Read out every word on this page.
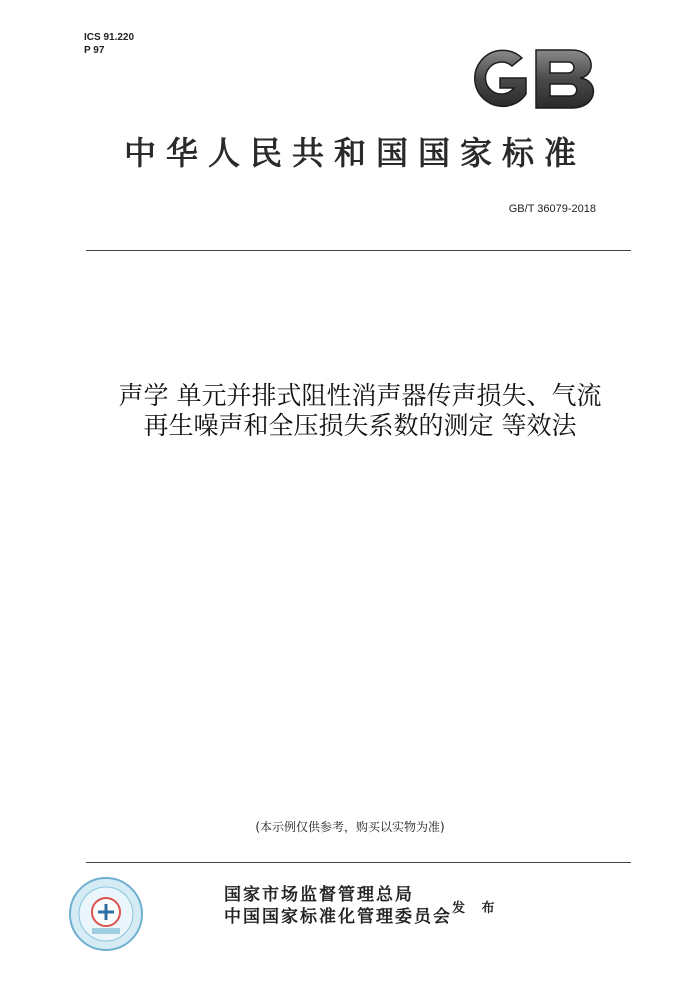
ICS 91.220
P 97
中华人民共和国国家标准
GB/T 36079-2018
声学 单元并排式阻性消声器传声损失、气流
再生噪声和全压损失系数的测定 等效法
(本示例仅供参考，购买以实物为准)
国家市场监督管理总局
中国国家标准化管理委员会 发 布
